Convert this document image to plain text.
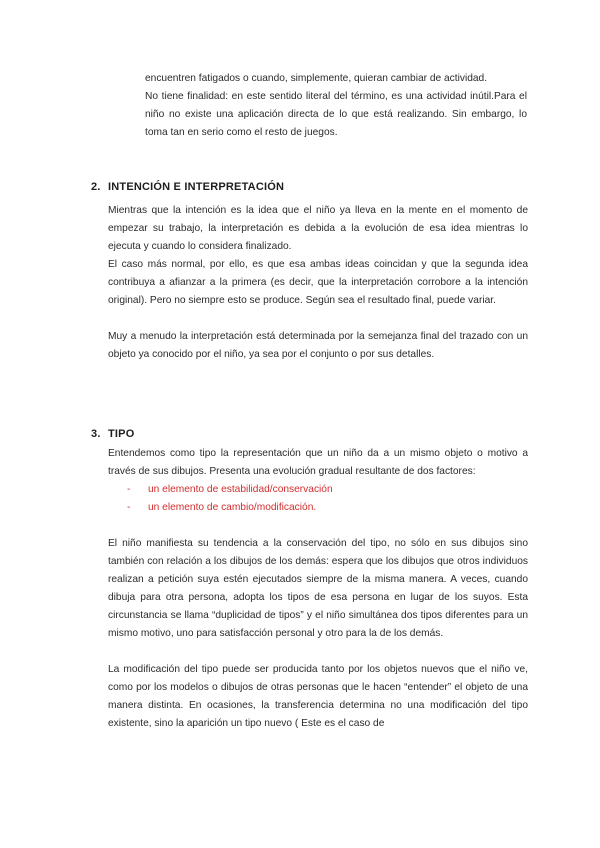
encuentren fatigados o cuando, simplemente, quieran cambiar de actividad.

No tiene finalidad: en este sentido literal del término, es una actividad inútil.Para el niño no existe una aplicación directa de lo que está realizando. Sin embargo, lo toma tan en serio como el resto de juegos.

2. INTENCIÓN E INTERPRETACIÓN

Mientras que la intención es la idea que el niño ya lleva en la mente en el momento de empezar su trabajo, la interpretación es debida a la evolución de esa idea mientras lo ejecuta y cuando lo considera finalizado.

El caso más normal, por ello, es que esa ambas ideas coincidan y que la segunda idea contribuya a afianzar a la primera (es decir, que la interpretación corrobore a la intención original). Pero no siempre esto se produce. Según sea el resultado final, puede variar.

Muy a menudo la interpretación está determinada por la semejanza final del trazado con un objeto ya conocido por el niño, ya sea por el conjunto o por sus detalles.

3. TIPO

Entendemos como tipo la representación que un niño da a un mismo objeto o motivo a través de sus dibujos. Presenta una evolución gradual resultante de dos factores:

- un elemento de estabilidad/conservación
- un elemento de cambio/modificación.

El niño manifiesta su tendencia a la conservación del tipo, no sólo en sus dibujos sino también con relación a los dibujos de los demás: espera que los dibujos que otros individuos realizan a petición suya estén ejecutados siempre de la misma manera. A veces, cuando dibuja para otra persona, adopta los tipos de esa persona en lugar de los suyos. Esta circunstancia se llama “duplicidad de tipos” y el niño simultánea dos tipos diferentes para un mismo motivo, uno para satisfacción personal y otro para la de los demás.

La modificación del tipo puede ser producida tanto por los objetos nuevos que el niño ve, como por los modelos o dibujos de otras personas que le hacen “entender” el objeto de una manera distinta. En ocasiones, la transferencia determina no una modificación del tipo existente, sino la aparición un tipo nuevo ( Este es el caso de
